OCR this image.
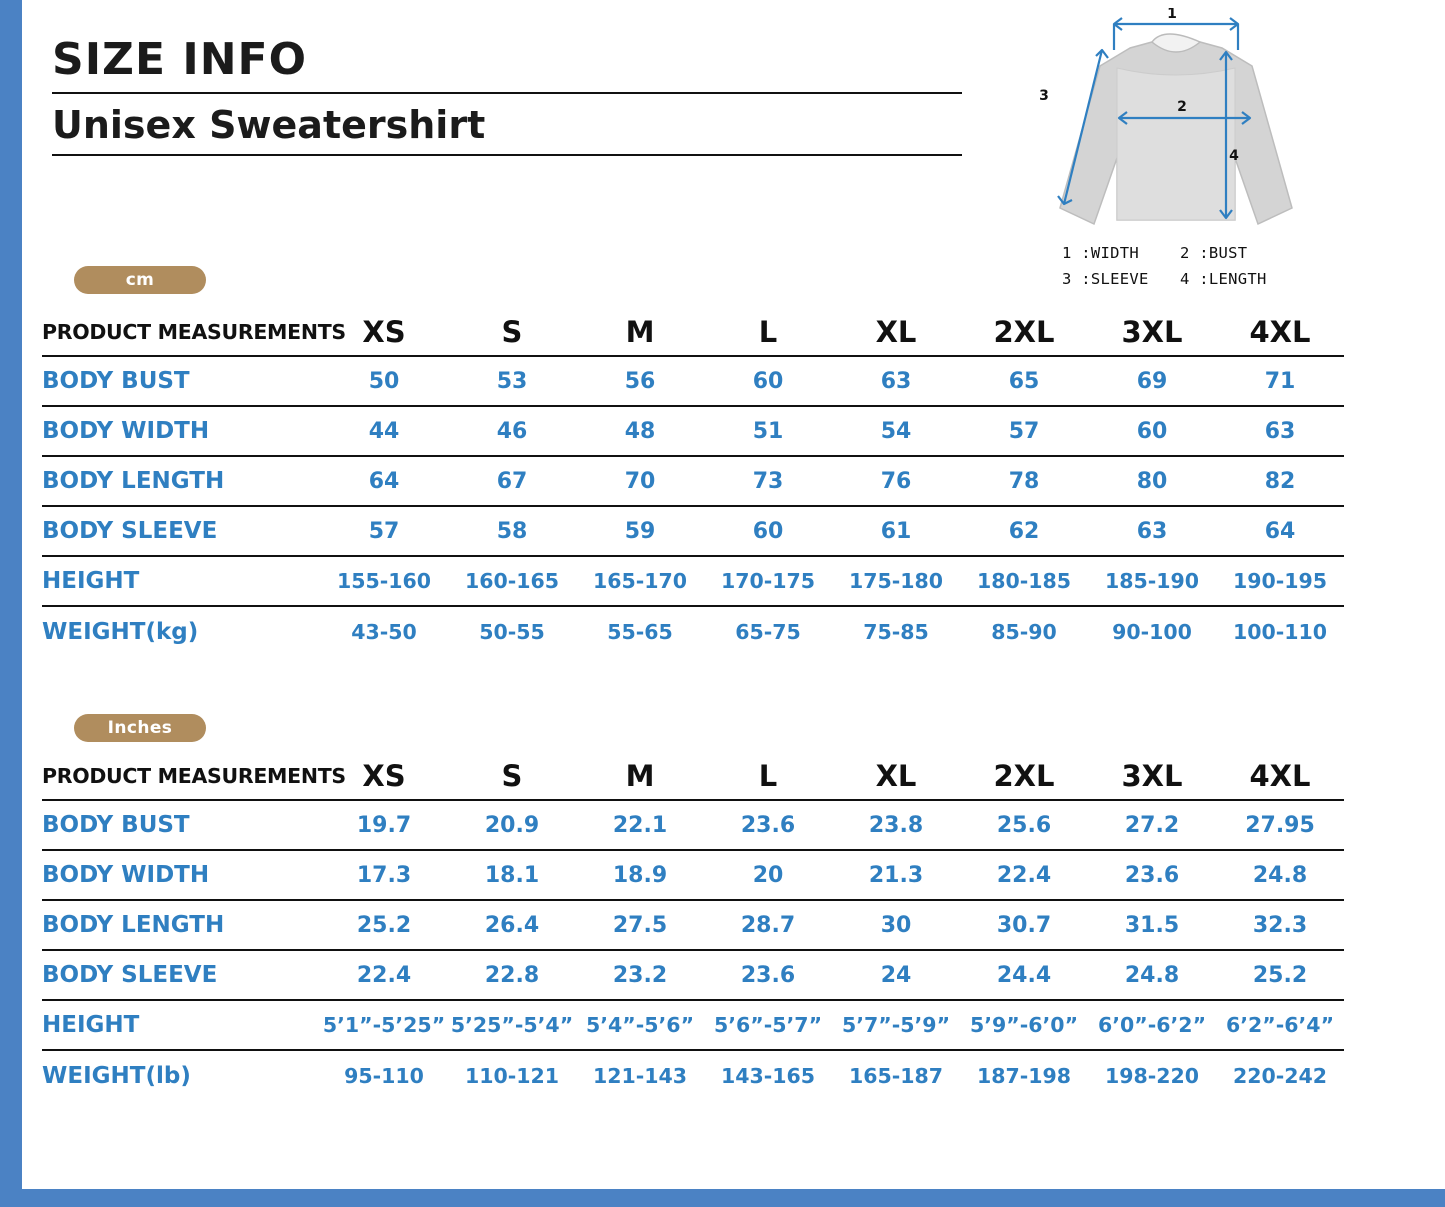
SIZE INFO
Unisex Sweatershirt
1
3
2
4
1 :WIDTH	2 :BUST
3 :SLEEVE	4 :LENGTH
cm
PRODUCT MEASUREMENTS	XS	S	M	L	XL	2XL	3XL	4XL
BODY BUST	50	53	56	60	63	65	69	71
BODY WIDTH	44	46	48	51	54	57	60	63
BODY LENGTH	64	67	70	73	76	78	80	82
BODY SLEEVE	57	58	59	60	61	62	63	64
HEIGHT	155-160	160-165	165-170	170-175	175-180	180-185	185-190	190-195
WEIGHT(kg)	43-50	50-55	55-65	65-75	75-85	85-90	90-100	100-110
Inches
PRODUCT MEASUREMENTS	XS	S	M	L	XL	2XL	3XL	4XL
BODY BUST	19.7	20.9	22.1	23.6	23.8	25.6	27.2	27.95
BODY WIDTH	17.3	18.1	18.9	20	21.3	22.4	23.6	24.8
BODY LENGTH	25.2	26.4	27.5	28.7	30	30.7	31.5	32.3
BODY SLEEVE	22.4	22.8	23.2	23.6	24	24.4	24.8	25.2
HEIGHT	5’1”-5’25”	5’25”-5’4”	5’4”-5’6”	5’6”-5’7”	5’7”-5’9”	5’9”-6’0”	6’0”-6’2”	6’2”-6’4”
WEIGHT(lb)	95-110	110-121	121-143	143-165	165-187	187-198	198-220	220-242
